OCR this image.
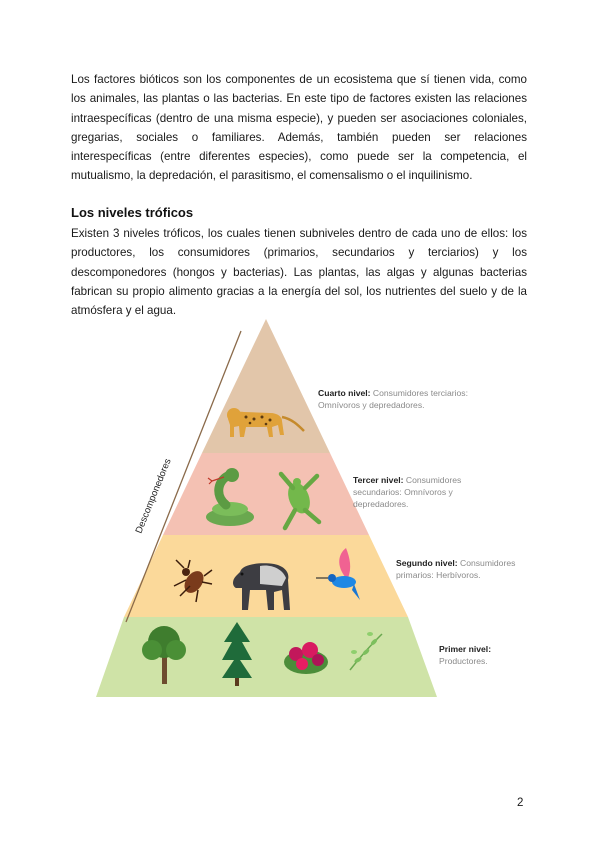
Los factores bióticos son los componentes de un ecosistema que sí tienen vida, como los animales, las plantas o las bacterias. En este tipo de factores existen las relaciones intraespecíficas (dentro de una misma especie), y pueden ser asociaciones coloniales, gregarias, sociales o familiares. Además, también pueden ser relaciones interespecíficas (entre diferentes especies), como puede ser la competencia, el mutualismo, la depredación, el parasitismo, el comensalismo o el inquilinismo.

Los niveles tróficos

Existen 3 niveles tróficos, los cuales tienen subniveles dentro de cada uno de ellos: los productores, los consumidores (primarios, secundarios y terciarios) y los descomponedores (hongos y bacterias). Las plantas, las algas y algunas bacterias fabrican su propio alimento gracias a la energía del sol, los nutrientes del suelo y de la atmósfera y el agua.

Descomponedores
Cuarto nivel: Consumidores terciarios: Omnívoros y depredadores.
Tercer nivel: Consumidores secundarios: Omnívoros y depredadores.
Segundo nivel: Consumidores primarios: Herbívoros.
Primer nivel:
Productores.
2
